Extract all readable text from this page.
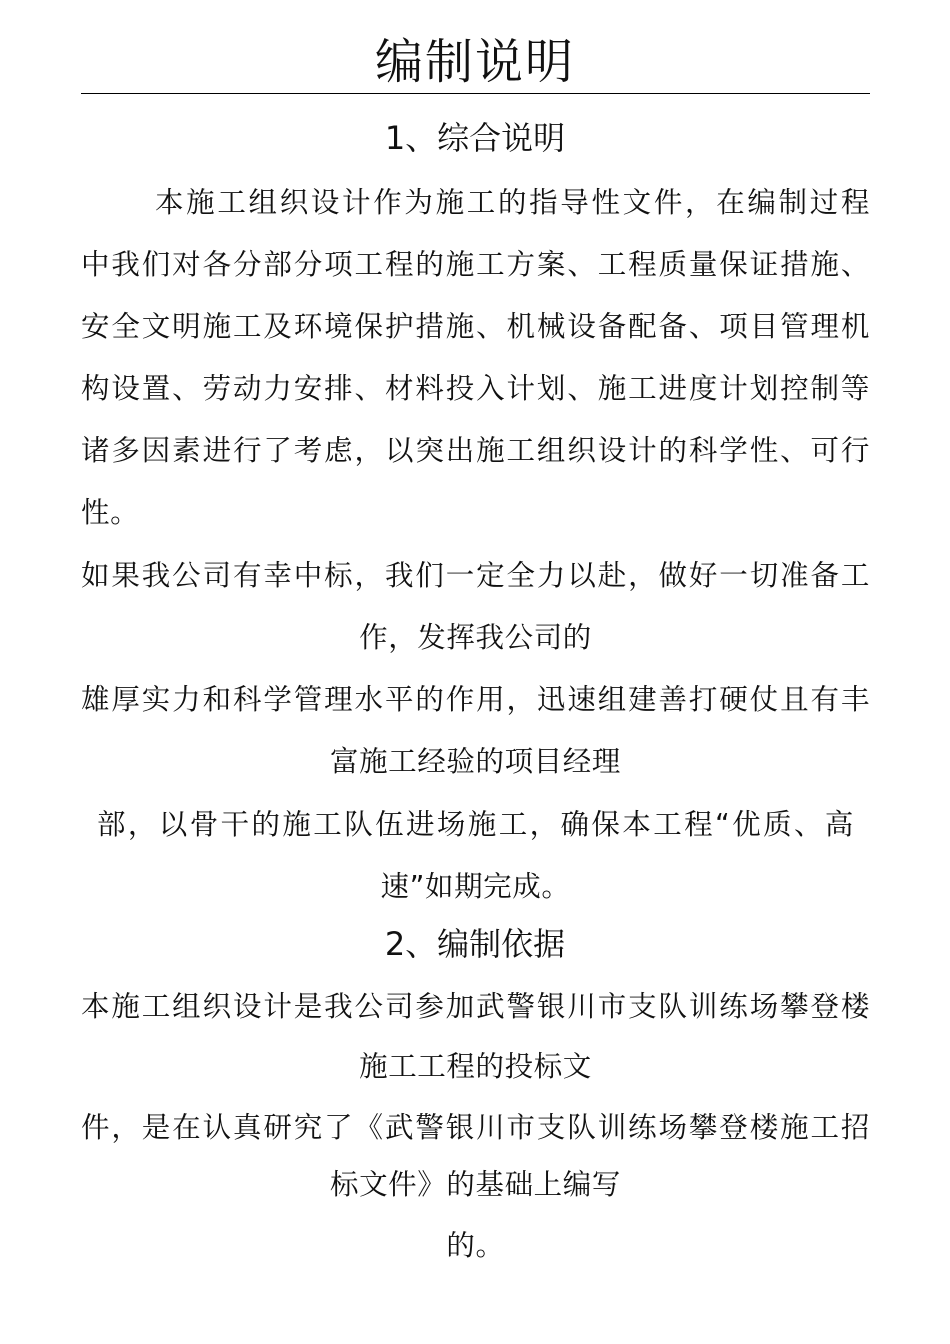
编制说明
1、综合说明
本施工组织设计作为施工的指导性文件，在编制过程
中我们对各分部分项工程的施工方案、工程质量保证措施、
安全文明施工及环境保护措施、机械设备配备、项目管理机
构设置、劳动力安排、材料投入计划、施工进度计划控制等
诸多因素进行了考虑，以突出施工组织设计的科学性、可行
性。
如果我公司有幸中标，我们一定全力以赴，做好一切准备工
作，发挥我公司的
雄厚实力和科学管理水平的作用，迅速组建善打硬仗且有丰
富施工经验的项目经理
部，以骨干的施工队伍进场施工，确保本工程“优质、高
速”如期完成。
2、编制依据
本施工组织设计是我公司参加武警银川市支队训练场攀登楼
施工工程的投标文
件，是在认真研究了《武警银川市支队训练场攀登楼施工招
标文件》的基础上编写
的。
